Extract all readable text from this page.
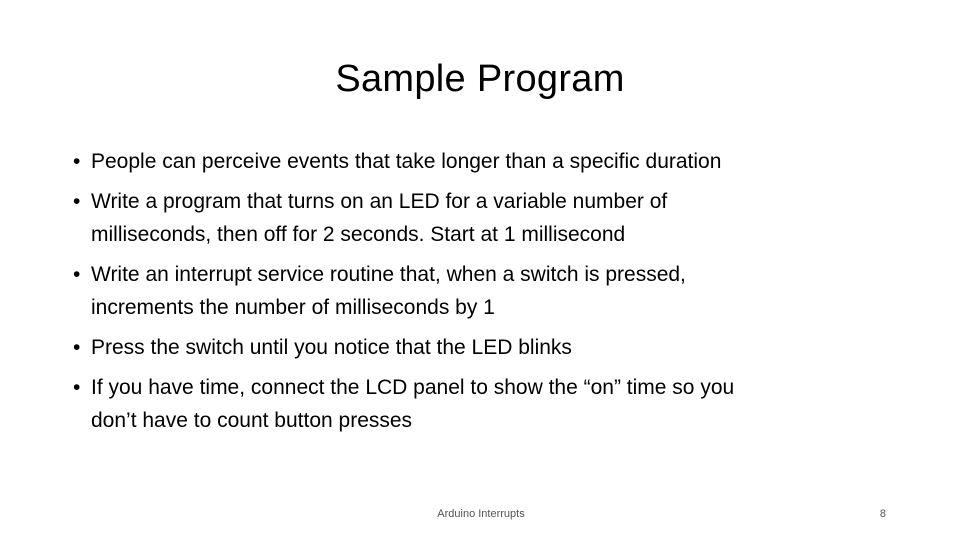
Sample Program
• People can perceive events that take longer than a specific duration
• Write a program that turns on an LED for a variable number of
milliseconds, then off for 2 seconds. Start at 1 millisecond
• Write an interrupt service routine that, when a switch is pressed,
increments the number of milliseconds by 1
• Press the switch until you notice that the LED blinks
• If you have time, connect the LCD panel to show the “on” time so you
don’t have to count button presses
Arduino Interrupts	8
